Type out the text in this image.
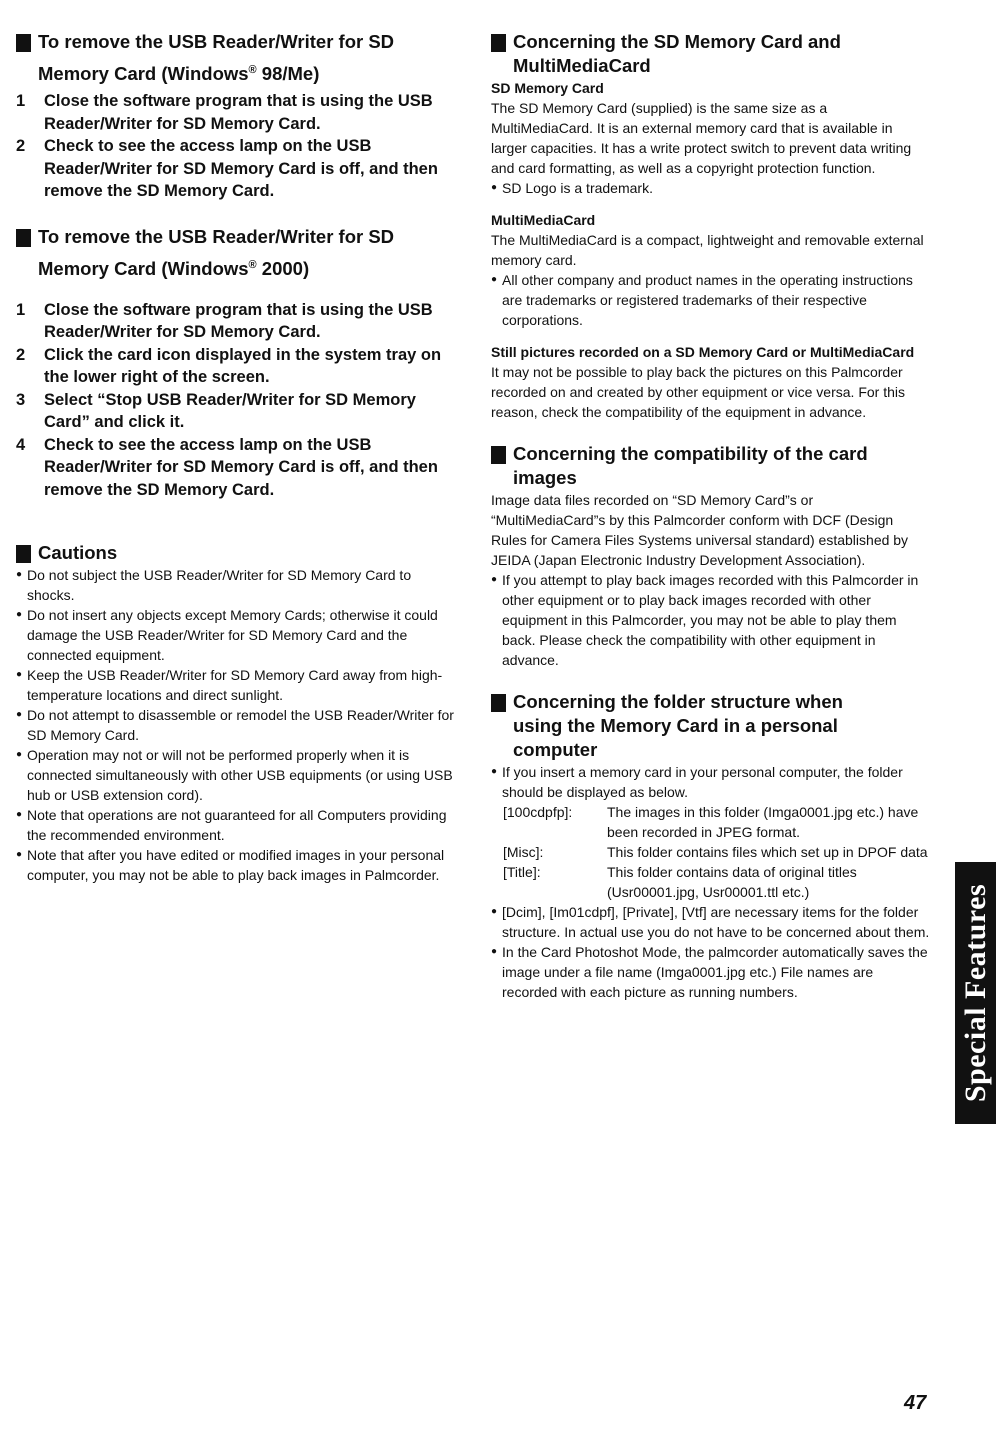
To remove the USB Reader/Writer for SD
Memory Card (Windows® 98/Me)
1 Close the software program that is using the USB Reader/Writer for SD Memory Card.
2 Check to see the access lamp on the USB Reader/Writer for SD Memory Card is off, and then remove the SD Memory Card.
To remove the USB Reader/Writer for SD
Memory Card (Windows® 2000)
1 Close the software program that is using the USB Reader/Writer for SD Memory Card.
2 Click the card icon displayed in the system tray on the lower right of the screen.
3 Select “Stop USB Reader/Writer for SD Memory Card” and click it.
4 Check to see the access lamp on the USB Reader/Writer for SD Memory Card is off, and then remove the SD Memory Card.
Cautions
● Do not subject the USB Reader/Writer for SD Memory Card to shocks.
● Do not insert any objects except Memory Cards; otherwise it could damage the USB Reader/Writer for SD Memory Card and the connected equipment.
● Keep the USB Reader/Writer for SD Memory Card away from high-temperature locations and direct sunlight.
● Do not attempt to disassemble or remodel the USB Reader/Writer for SD Memory Card.
● Operation may not or will not be performed properly when it is connected simultaneously with other USB equipments (or using USB hub or USB extension cord).
● Note that operations are not guaranteed for all Computers providing the recommended environment.
● Note that after you have edited or modified images in your personal computer, you may not be able to play back images in Palmcorder.
Concerning the SD Memory Card and
MultiMediaCard
SD Memory Card

The SD Memory Card (supplied) is the same size as a MultiMediaCard. It is an external memory card that is available in larger capacities. It has a write protect switch to prevent data writing and card formatting, as well as a copyright protection function.

● SD Logo is a trademark.
MultiMediaCard

The MultiMediaCard is a compact, lightweight and removable external memory card.

● All other company and product names in the operating instructions are trademarks or registered trademarks of their respective corporations.
Still pictures recorded on a SD Memory Card or MultiMediaCard

It may not be possible to play back the pictures on this Palmcorder recorded on and created by other equipment or vice versa. For this reason, check the compatibility of the equipment in advance.

Concerning the compatibility of the card
images

Image data files recorded on “SD Memory Card”s or “MultiMediaCard”s by this Palmcorder conform with DCF (Design Rules for Camera Files Systems universal standard) established by JEIDA (Japan Electronic Industry Development Association).

● If you attempt to play back images recorded with this Palmcorder in other equipment or to play back images recorded with other equipment in this Palmcorder, you may not be able to play them back. Please check the compatibility with other equipment in advance.
Concerning the folder structure when
using the Memory Card in a personal
computer
● If you insert a memory card in your personal computer, the folder should be displayed as below.
[100cdpfp]:	The images in this folder (Imga0001.jpg etc.) have been recorded in JPEG format.
[Misc]:	This folder contains files which set up in DPOF data
[Title]:	This folder contains data of original titles (Usr00001.jpg, Usr00001.ttl etc.)
● [Dcim], [Im01cdpf], [Private], [Vtf] are necessary items for the folder structure. In actual use you do not have to be concerned about them.
● In the Card Photoshot Mode, the palmcorder automatically saves the image under a file name (Imga0001.jpg etc.) File names are recorded with each picture as running numbers.	Special Features
47
